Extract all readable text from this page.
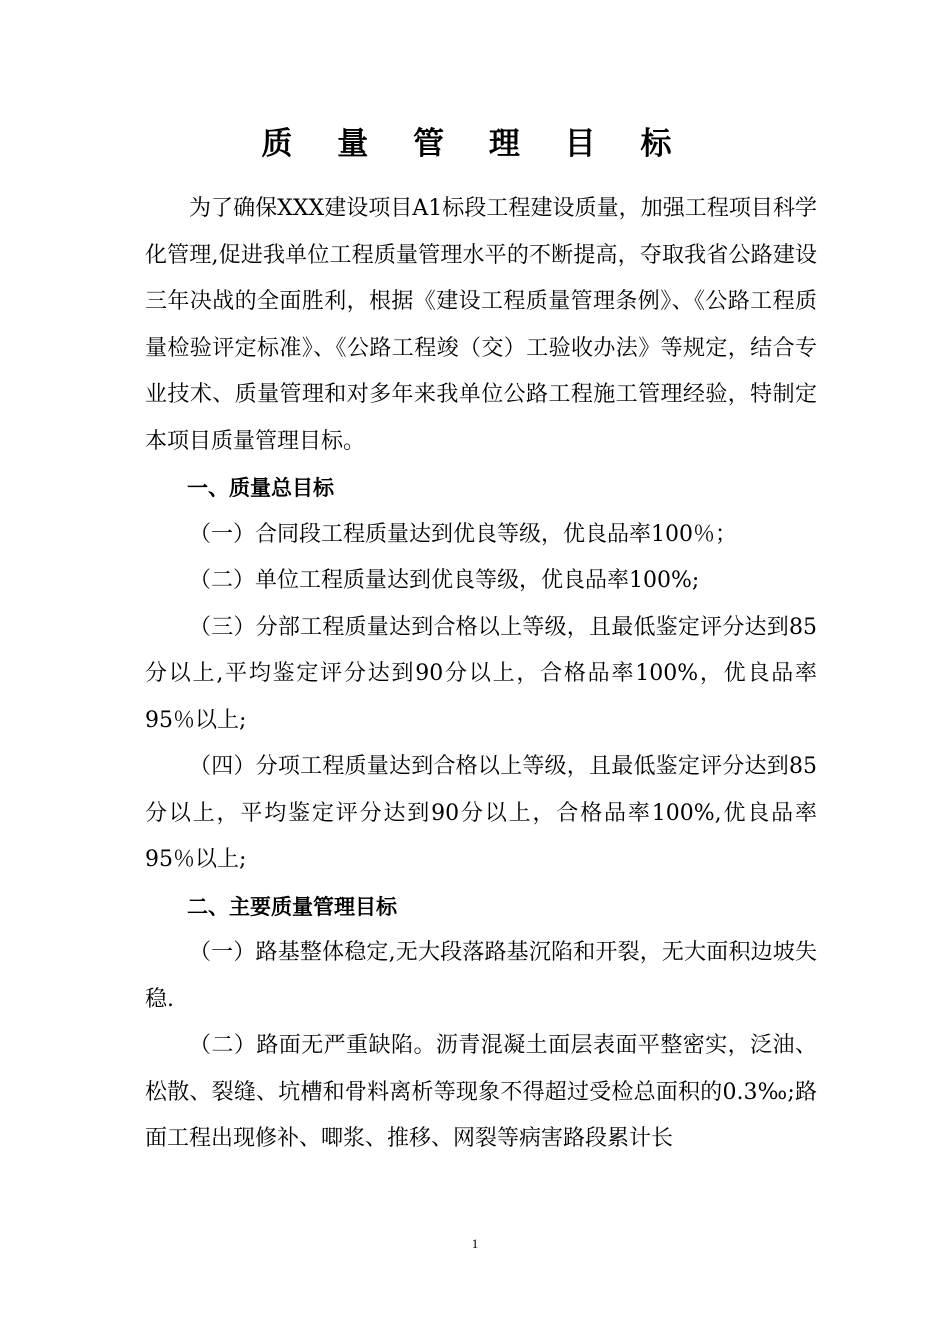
质 量 管 理 目 标

为了确保XXX建设项目A1标段工程建设质量，加强工程项目科学化管理,促进我单位工程质量管理水平的不断提高，夺取我省公路建设三年决战的全面胜利，根据《建设工程质量管理条例》、《公路工程质量检验评定标准》、《公路工程竣（交）工验收办法》等规定，结合专业技术、质量管理和对多年来我单位公路工程施工管理经验，特制定本项目质量管理目标。

一、质量总目标

（一）合同段工程质量达到优良等级，优良品率100％；

（二）单位工程质量达到优良等级，优良品率100%;

（三）分部工程质量达到合格以上等级，且最低鉴定评分达到85分以上,平均鉴定评分达到90分以上，合格品率100%，优良品率95％以上;

（四）分项工程质量达到合格以上等级，且最低鉴定评分达到85分以上，平均鉴定评分达到90分以上，合格品率100%,优良品率95％以上;

二、主要质量管理目标

（一）路基整体稳定,无大段落路基沉陷和开裂，无大面积边坡失稳.

（二）路面无严重缺陷。沥青混凝土面层表面平整密实，泛油、松散、裂缝、坑槽和骨料离析等现象不得超过受检总面积的0.3‰;路面工程出现修补、唧浆、推移、网裂等病害路段累计长

1
